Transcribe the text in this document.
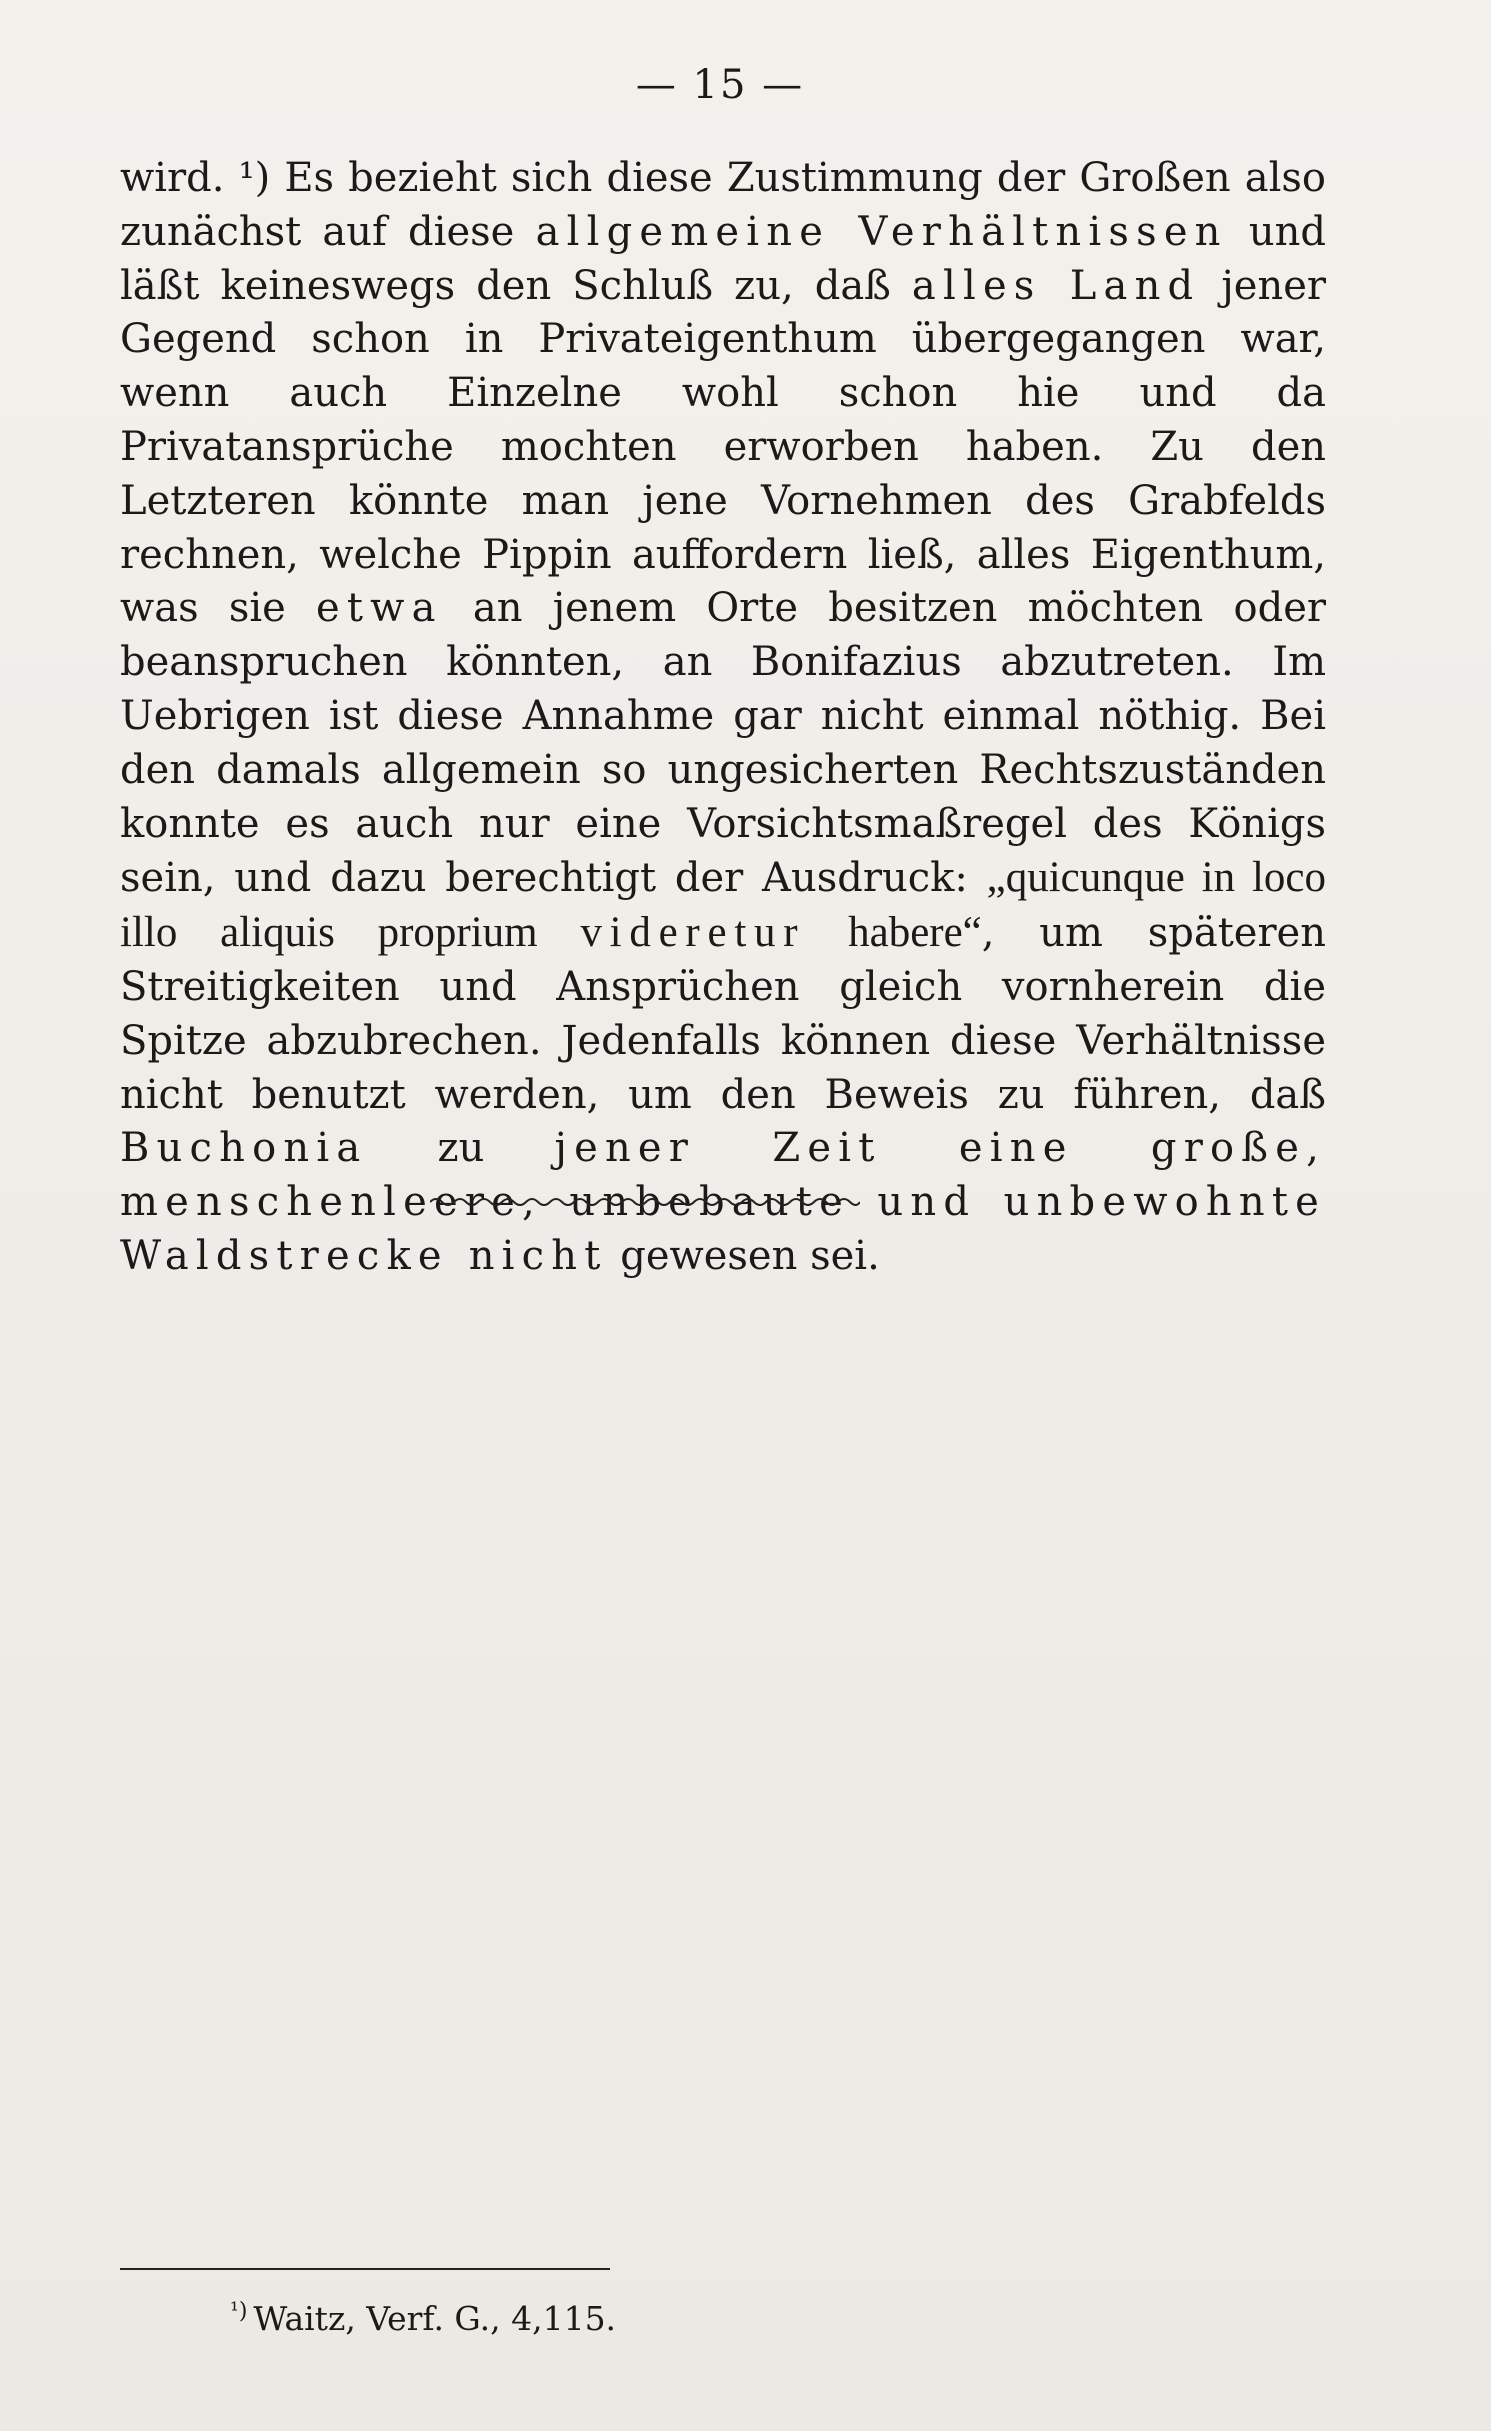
— 15 —

wird. ¹) Es bezieht sich diese Zustimmung der Großen also zunächst auf diese allgemeine Verhältnissen und läßt keineswegs den Schluß zu, daß alles Land jener Gegend schon in Privateigenthum übergegangen war, wenn auch Einzelne wohl schon hie und da Privatansprüche mochten erworben haben. Zu den Letzteren könnte man jene Vornehmen des Grabfelds rechnen, welche Pippin auffordern ließ, alles Eigenthum, was sie etwa an jenem Orte besitzen möchten oder beanspruchen könnten, an Bonifazius abzutreten. Im Uebrigen ist diese Annahme gar nicht einmal nöthig. Bei den damals allgemein so ungesicherten Rechtszuständen konnte es auch nur eine Vorsichtsmaßregel des Königs sein, und dazu berechtigt der Ausdruck: „quicunque in loco illo aliquis proprium videretur habere“, um späteren Streitigkeiten und Ansprüchen gleich vornherein die Spitze abzubrechen. Jedenfalls können diese Verhältnisse nicht benutzt werden, um den Beweis zu führen, daß Buchonia zu jener Zeit eine große, menschenleere, unbebaute und unbewohnte Waldstrecke nicht gewesen sei.

$^{^1)}$ Waitz, Verf. G., 4,115.
